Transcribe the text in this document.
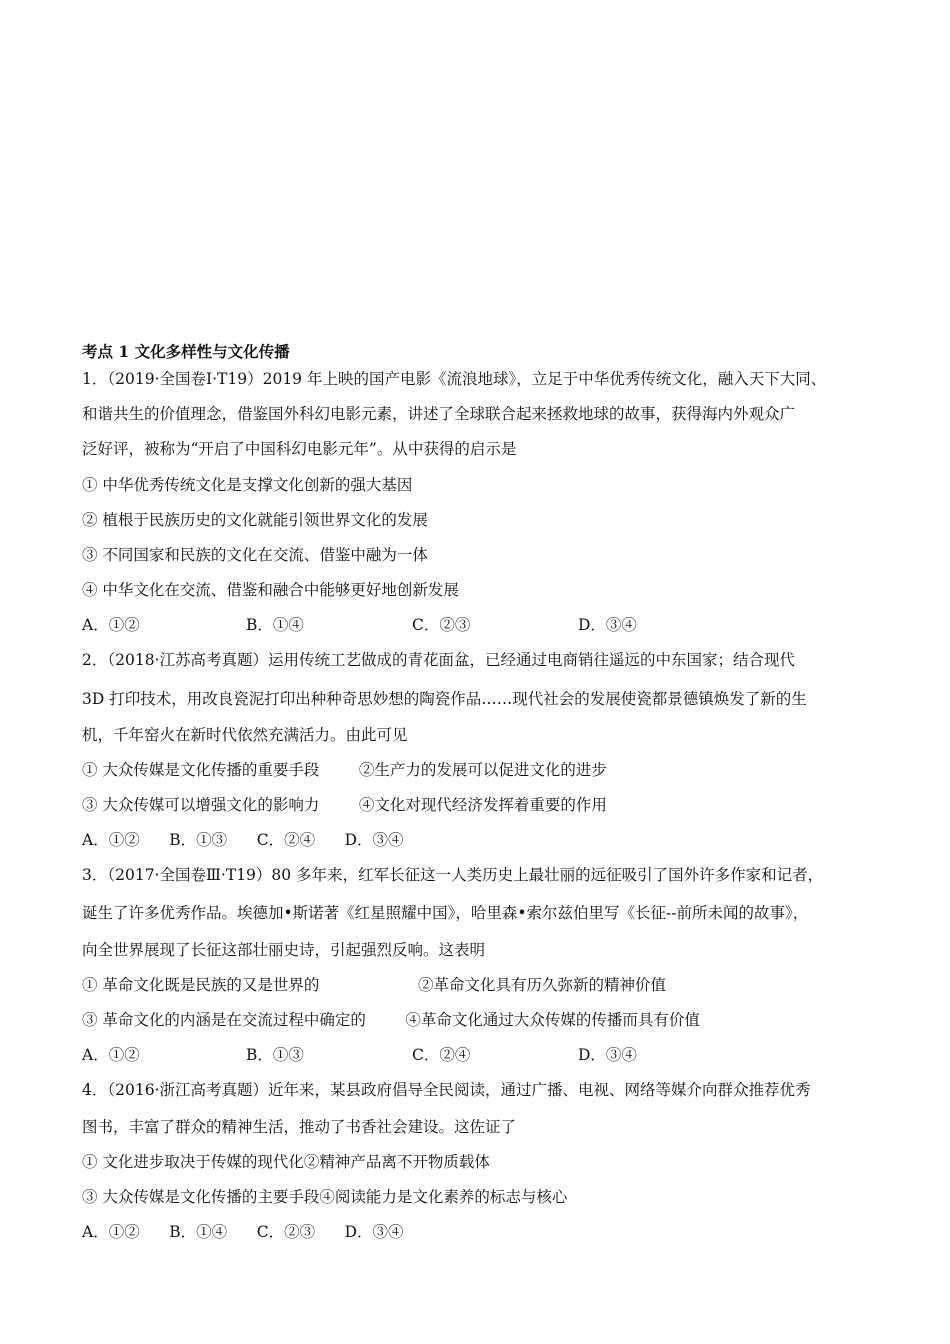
考点 1 文化多样性与文化传播
1．（2019·全国卷Ⅰ·T19）2019 年上映的国产电影《流浪地球》，立足于中华优秀传统文化，融入天下大同、
和谐共生的价值理念，借鉴国外科幻电影元素，讲述了全球联合起来拯救地球的故事，获得海内外观众广
泛好评，被称为“开启了中国科幻电影元年”。从中获得的启示是
① 中华优秀传统文化是支撑文化创新的强大基因
② 植根于民族历史的文化就能引领世界文化的发展
③ 不同国家和民族的文化在交流、借鉴中融为一体
④ 中华文化在交流、借鉴和融合中能够更好地创新发展
A．①②	B．①④	C．②③	D．③④
2．（2018·江苏高考真题）运用传统工艺做成的青花面盆，已经通过电商销往遥远的中东国家；结合现代
3D 打印技术，用改良瓷泥打印出种种奇思妙想的陶瓷作品……现代社会的发展使瓷都景德镇焕发了新的生
机，千年窑火在新时代依然充满活力。由此可见
① 大众传媒是文化传播的重要手段        ②生产力的发展可以促进文化的进步
③ 大众传媒可以增强文化的影响力        ④文化对现代经济发挥着重要的作用
A．①②      B．①③      C．②④      D．③④
3．（2017·全国卷Ⅲ·T19）80 多年来，红军长征这一人类历史上最壮丽的远征吸引了国外许多作家和记者，
诞生了许多优秀作品。埃德加•斯诺著《红星照耀中国》，哈里森•索尔兹伯里写《长征--前所未闻的故事》，
向全世界展现了长征这部壮丽史诗，引起强烈反响。这表明
① 革命文化既是民族的又是世界的                    ②革命文化具有历久弥新的精神价值
③ 革命文化的内涵是在交流过程中确定的        ④革命文化通过大众传媒的传播而具有价值
A．①②	B．①③	C．②④	D．③④
4．（2016·浙江高考真题）近年来，某县政府倡导全民阅读，通过广播、电视、网络等媒介向群众推荐优秀
图书，丰富了群众的精神生活，推动了书香社会建设。这佐证了
① 文化进步取决于传媒的现代化②精神产品离不开物质载体
③ 大众传媒是文化传播的主要手段④阅读能力是文化素养的标志与核心
A．①②      B．①④      C．②③      D．③④
